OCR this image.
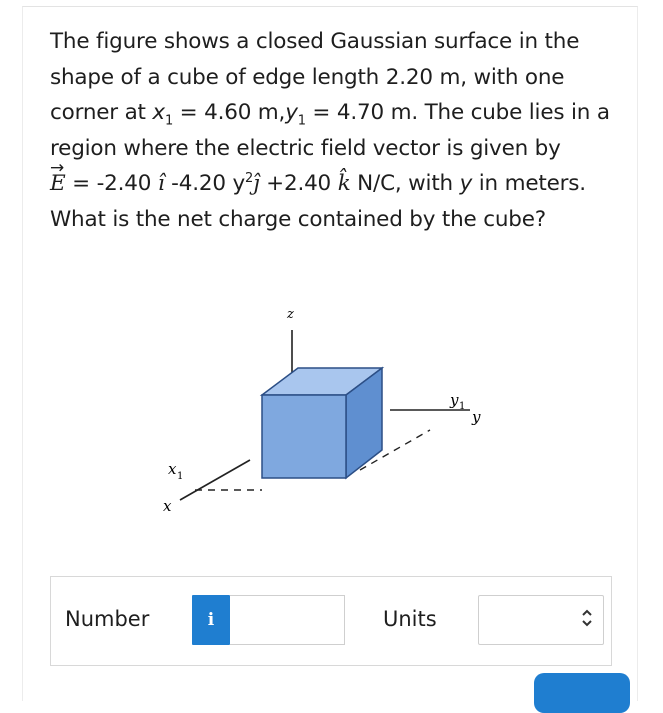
The figure shows a closed Gaussian surface in the shape of a cube of edge length 2.20 m, with one corner at $x_1 = 4.60$ $m,y_1 = 4.70$ m. The cube lies in a region where the electric field vector is given by
→ E = -2.40 î -4.20 $y^2ĵ +2.40$ k̂ N/C, with y in meters. What is the net charge contained by the cube?

z
y
y 1
x 1
x
Number	i	Units
